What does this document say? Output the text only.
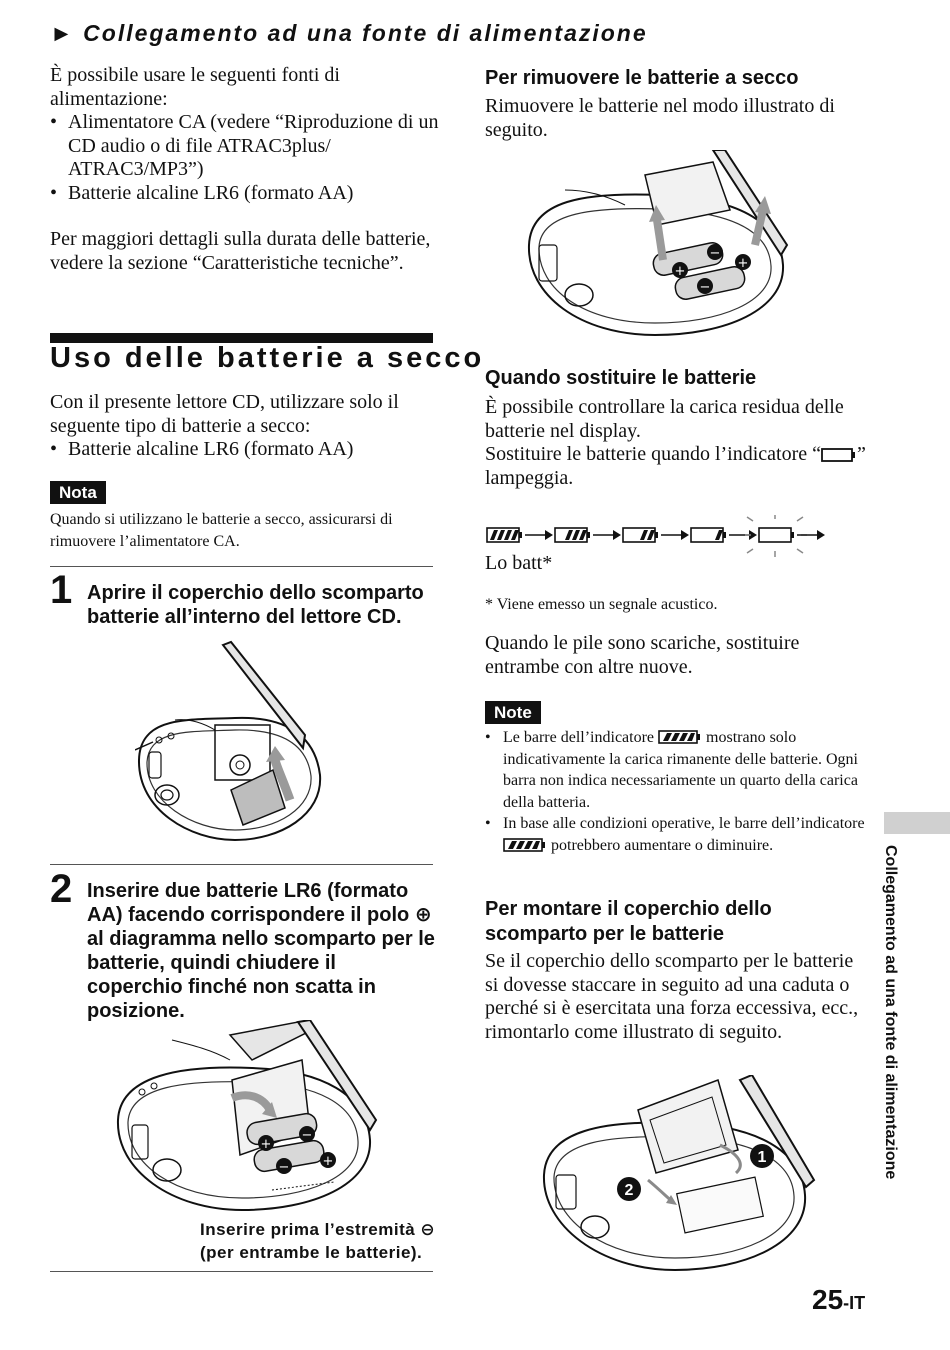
► Collegamento ad una fonte di alimentazione
È possibile usare le seguenti fonti di alimentazione:
• Alimentatore CA (vedere “Riproduzione di un CD audio o di file ATRAC3plus/ ATRAC3/MP3”)
• Batterie alcaline LR6 (formato AA)
Per maggiori dettagli sulla durata delle batterie, vedere la sezione “Caratteristiche tecniche”.
Uso delle batterie a secco
Con il presente lettore CD, utilizzare solo il seguente tipo di batterie a secco:
• Batterie alcaline LR6 (formato AA)
Nota
Quando si utilizzano le batterie a secco, assicurarsi di rimuovere l’alimentatore CA.
1 Aprire il coperchio dello scomparto batterie all’interno del lettore CD.
2 Inserire due batterie LR6 (formato AA) facendo corrispondere il polo ⊕ al diagramma nello scomparto per le batterie, quindi chiudere il coperchio finché non scatta in posizione.
+
−
−	+
Inserire prima l’estremità ⊖ (per entrambe le batterie).
Per rimuovere le batterie a secco
Rimuovere le batterie nel modo illustrato di seguito.
+
−
−
+
Quando sostituire le batterie
È possibile controllare la carica residua delle batterie nel display.
Sostituire le batterie quando l’indicatore “ ” lampeggia.
Lo batt*
* Viene emesso un segnale acustico.
Quando le pile sono scariche, sostituire entrambe con altre nuove.
Note
• Le barre dell’indicatore	mostrano solo indicativamente la carica rimanente delle batterie. Ogni barra non indica necessariamente un quarto della carica della batteria.
• In base alle condizioni operative, le barre dell’indicatore
potrebbero aumentare o diminuire.
Per montare il coperchio dello scomparto per le batterie
Se il coperchio dello scomparto per le batterie si dovesse staccare in seguito ad una caduta o perché si è esercitata una forza eccessiva, ecc., rimontarlo come illustrato di seguito.
1
2
Collegamento ad una fonte di alimentazione
25-IT
